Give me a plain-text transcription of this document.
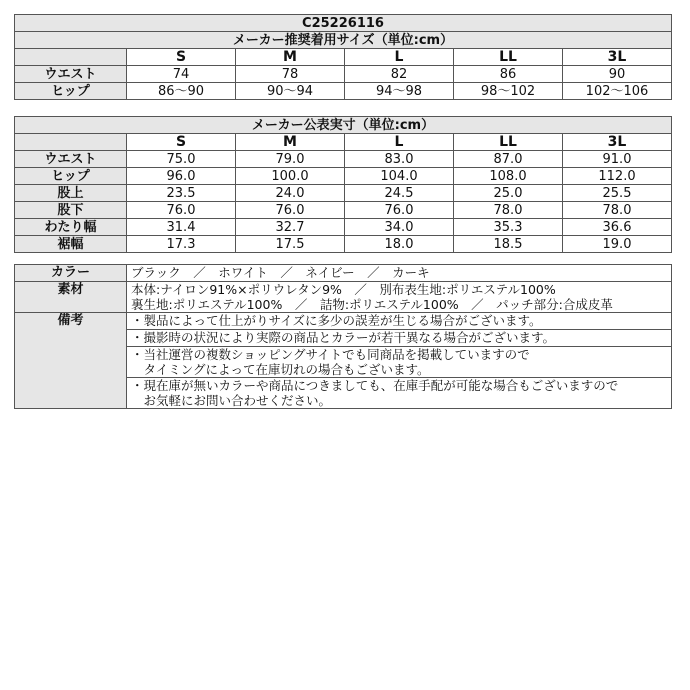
C25226116					
メーカー推奨着用サイズ（単位:cm）					
	S	M	L	LL	3L
ウエスト	74	78	82	86	90
ヒップ	86〜90	90〜94	94〜98	98〜102	102〜106
メーカー公表実寸（単位:cm）					
	S	M	L	LL	3L
ウエスト	75.0	79.0	83.0	87.0	91.0
ヒップ	96.0	100.0	104.0	108.0	112.0
股上	23.5	24.0	24.5	25.0	25.5
股下	76.0	76.0	76.0	78.0	78.0
わたり幅	31.4	32.7	34.0	35.3	36.6
裾幅	17.3	17.5	18.0	18.5	19.0
カラー	ブラック　／　ホワイト　／　ネイビー　／　カーキ
素材	本体:ナイロン91%×ポリウレタン9%　／　別布表生地:ポリエステル100%
裏生地:ポリエステル100%　／　詰物:ポリエステル100%　／　パッチ部分:合成皮革

備考	・製品によって仕上がりサイズに多少の誤差が生じる場合がございます。

	・撮影時の状況により実際の商品とカラーが若干異なる場合がございます。

	・当社運営の複数ショッピングサイトでも同商品を掲載していますので
　タイミングによって在庫切れの場合もございます。

	・現在庫が無いカラーや商品につきましても、在庫手配が可能な場合もございますので
　お気軽にお問い合わせください。
